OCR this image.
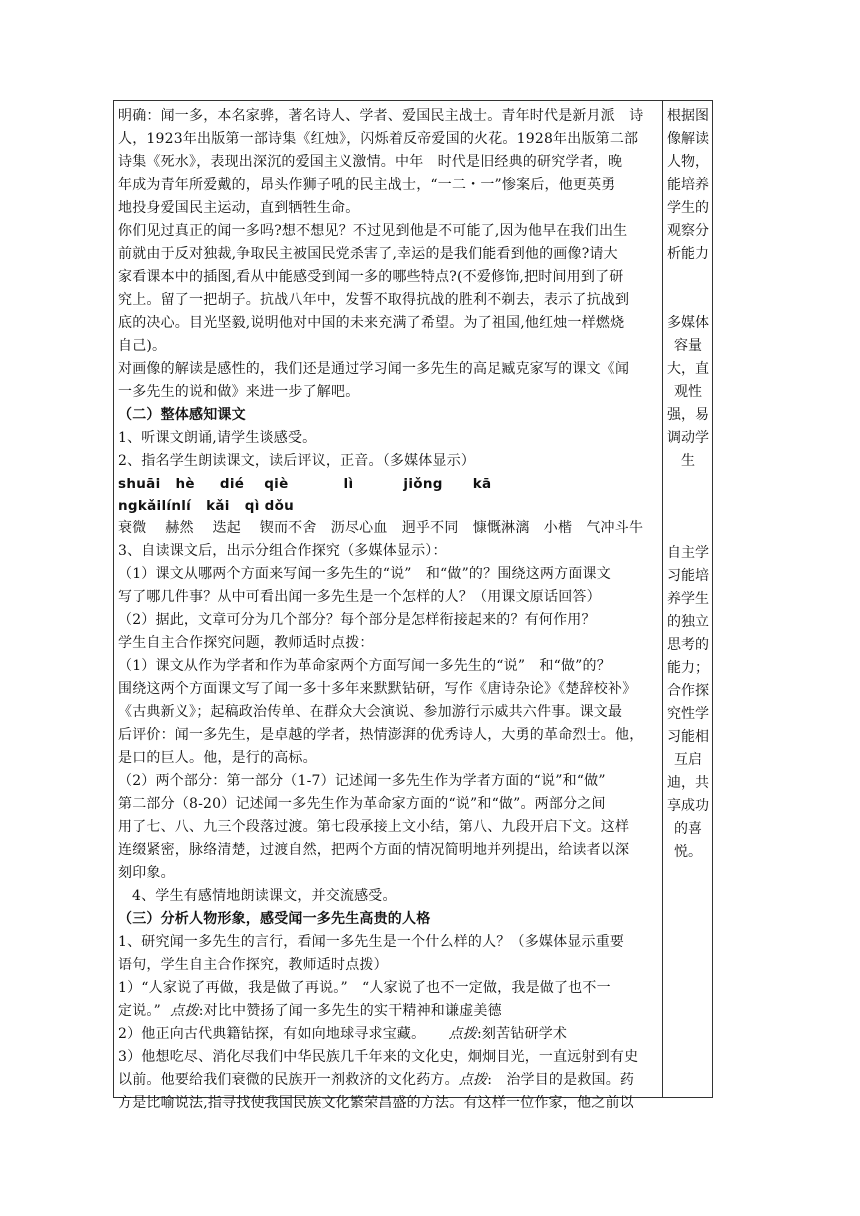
明确：闻一多，本名家骅，著名诗人、学者、爱国民主战士。青年时代是新月派　诗
人，1923年出版第一部诗集《红烛》，闪烁着反帝爱国的火花。1928年出版第二部
诗集《死水》，表现出深沉的爱国主义激情。中年　时代是旧经典的研究学者，晚
年成为青年所爱戴的，昂头作狮子吼的民主战士，“一二・一”惨案后，他更英勇
地投身爱国民主运动，直到牺牲生命。
你们见过真正的闻一多吗?想不想见？不过见到他是不可能了,因为他早在我们出生
前就由于反对独裁,争取民主被国民党杀害了,幸运的是我们能看到他的画像?请大
家看课本中的插图,看从中能感受到闻一多的哪些特点?(不爱修饰,把时间用到了研
究上。留了一把胡子。抗战八年中，发誓不取得抗战的胜利不剃去，表示了抗战到
底的决心。目光坚毅,说明他对中国的未来充满了希望。为了祖国,他红烛一样燃烧
自己)。
对画像的解读是感性的，我们还是通过学习闻一多先生的高足臧克家写的课文《闻
一多先生的说和做》来进一步了解吧。
（二）整体感知课文
1、听课文朗诵,请学生谈感受。
2、指名学生朗读课文，读后评议，正音。（多媒体显示）
shuāi   hè     dié    qiè           lì          jiǒng      kā
ngkǎilínlí   kǎi   qì dǒu
衰微　 赫然　 迭起　 锲而不舍　沥尽心血　迥乎不同　慷慨淋漓　小楷　气冲斗牛
3、自读课文后，出示分组合作探究（多媒体显示）：
（1）课文从哪两个方面来写闻一多先生的“说”　和“做”的？围绕这两方面课文
写了哪几件事？从中可看出闻一多先生是一个怎样的人？（用课文原话回答）
（2）据此，文章可分为几个部分？每个部分是怎样衔接起来的？有何作用？
学生自主合作探究问题，教师适时点拨：
（1）课文从作为学者和作为革命家两个方面写闻一多先生的“说”　和“做”的？
围绕这两个方面课文写了闻一多十多年来默默钻研，写作《唐诗杂论》《楚辞校补》
《古典新义》；起稿政治传单、在群众大会演说、参加游行示威共六件事。课文最
后评价：闻一多先生，是卓越的学者，热情澎湃的优秀诗人，大勇的革命烈士。他，
是口的巨人。他，是行的高标。
（2）两个部分：第一部分（1-7）记述闻一多先生作为学者方面的“说”和“做”
第二部分（8-20）记述闻一多先生作为革命家方面的“说”和“做”。两部分之间
用了七、八、九三个段落过渡。第七段承接上文小结，第八、九段开启下文。这样
连缀紧密，脉络清楚，过渡自然，把两个方面的情况简明地并列提出，给读者以深
刻印象。
4、学生有感情地朗读课文，并交流感受。
（三）分析人物形象，感受闻一多先生高贵的人格
1、研究闻一多先生的言行，看闻一多先生是一个什么样的人？（多媒体显示重要
语句，学生自主合作探究，教师适时点拨）
1）“人家说了再做，我是做了再说。”　“人家说了也不一定做，我是做了也不一
定说。” 点拨:对比中赞扬了闻一多先生的实干精神和谦虚美德
2）他正向古代典籍钻探，有如向地球寻求宝藏。 点拨:刻苦钻研学术
3）他想吃尽、消化尽我们中华民族几千年来的文化史，炯炯目光，一直远射到有史
以前。他要给我们衰微的民族开一剂救济的文化药方。点拨:　治学目的是救国。药
方是比喻说法,指寻找使我国民族文化繁荣昌盛的方法。有这样一位作家，他之前以
根据图像解读人物，能培养学生的观察分析能力
多媒体容量大，直观性强，易调动学生
自主学习能培养学生的独立思考的能力；合作探究性学习能相互启迪，共享成功的喜悦。
